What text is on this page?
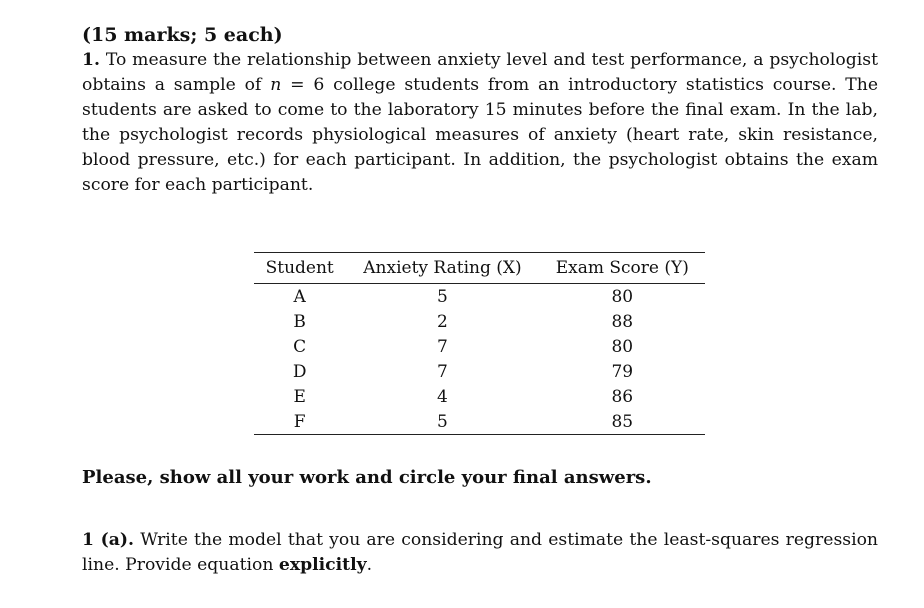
(15 marks; 5 each)

1. To measure the relationship between anxiety level and test performance, a psychologist obtains a sample of n = 6 college students from an introductory statistics course. The students are asked to come to the laboratory 15 minutes before the final exam. In the lab, the psychologist records physiological measures of anxiety (heart rate, skin resistance, blood pressure, etc.) for each participant. In addition, the psychologist obtains the exam score for each participant.

Student	Anxiety Rating (X)	Exam Score (Y)
A	5	80
B	2	88
C	7	80
D	7	79
E	4	86
F	5	85

Please, show all your work and circle your final answers.

1 (a). Write the model that you are considering and estimate the least-squares regression line. Provide equation explicitly.
